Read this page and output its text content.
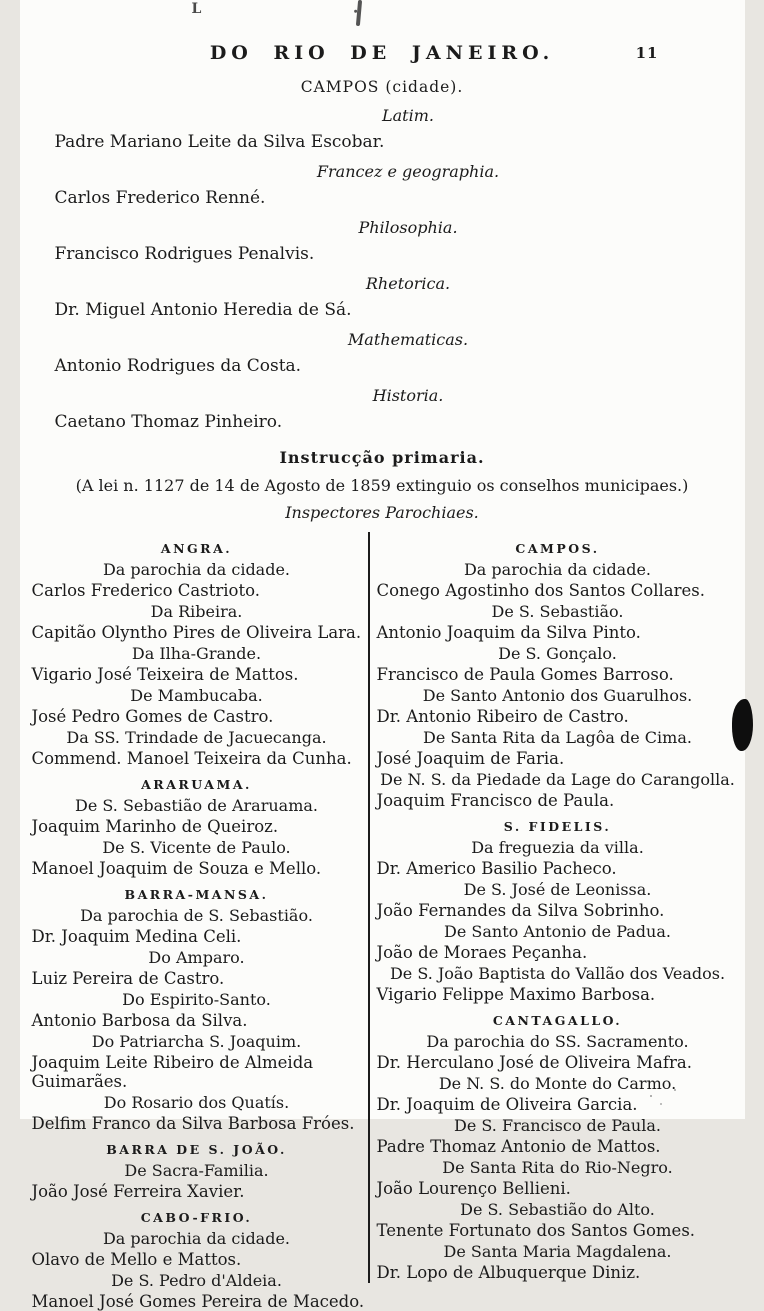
L
DO RIO DE JANEIRO.	11
CAMPOS (cidade).
Latim.
Padre Mariano Leite da Silva Escobar.
Francez e geographia.
Carlos Frederico Renné.
Philosophia.
Francisco Rodrigues Penalvis.
Rhetorica.
Dr. Miguel Antonio Heredia de Sá.
Mathematicas.
Antonio Rodrigues da Costa.
Historia.
Caetano Thomaz Pinheiro.
Instrucção primaria.
(A lei n. 1127 de 14 de Agosto de 1859 extinguio os conselhos municipaes.)
Inspectores Parochiaes.
ANGRA.
Da parochia da cidade.
Carlos Frederico Castrioto.
Da Ribeira.
Capitão Olyntho Pires de Oliveira Lara.
Da Ilha-Grande.
Vigario José Teixeira de Mattos.
De Mambucaba.
José Pedro Gomes de Castro.
Da SS. Trindade de Jacuecanga.
Commend. Manoel Teixeira da Cunha.
ARARUAMA.
De S. Sebastião de Araruama.
Joaquim Marinho de Queiroz.
De S. Vicente de Paulo.
Manoel Joaquim de Souza e Mello.
BARRA-MANSA.
Da parochia de S. Sebastião.
Dr. Joaquim Medina Celi.
Do Amparo.
Luiz Pereira de Castro.
Do Espirito-Santo.
Antonio Barbosa da Silva.
Do Patriarcha S. Joaquim.
Joaquim Leite Ribeiro de Almeida Guimarães.
Do Rosario dos Quatís.
Delfim Franco da Silva Barbosa Fróes.
BARRA DE S. JOÃO.
De Sacra-Familia.
João José Ferreira Xavier.
CABO-FRIO.
Da parochia da cidade.
Olavo de Mello e Mattos.
De S. Pedro d'Aldeia.
Manoel José Gomes Pereira de Macedo.
CAMPOS.
Da parochia da cidade.
Conego Agostinho dos Santos Collares.
De S. Sebastião.
Antonio Joaquim da Silva Pinto.
De S. Gonçalo.
Francisco de Paula Gomes Barroso.
De Santo Antonio dos Guarulhos.
Dr. Antonio Ribeiro de Castro.
De Santa Rita da Lagôa de Cima.
José Joaquim de Faria.
De N. S. da Piedade da Lage do Carangolla.
Joaquim Francisco de Paula.
S. FIDELIS.
Da freguezia da villa.
Dr. Americo Basilio Pacheco.
De S. José de Leonissa.
João Fernandes da Silva Sobrinho.
De Santo Antonio de Padua.
João de Moraes Peçanha.
De S. João Baptista do Vallão dos Veados.
Vigario Felippe Maximo Barbosa.
CANTAGALLO.
Da parochia do SS. Sacramento.
Dr. Herculano José de Oliveira Mafra.
De N. S. do Monte do Carmo.
Dr. Joaquim de Oliveira Garcia.
De S. Francisco de Paula.
Padre Thomaz Antonio de Mattos.
De Santa Rita do Rio-Negro.
João Lourenço Bellieni.
De S. Sebastião do Alto.
Tenente Fortunato dos Santos Gomes.
De Santa Maria Magdalena.
Dr. Lopo de Albuquerque Diniz.
